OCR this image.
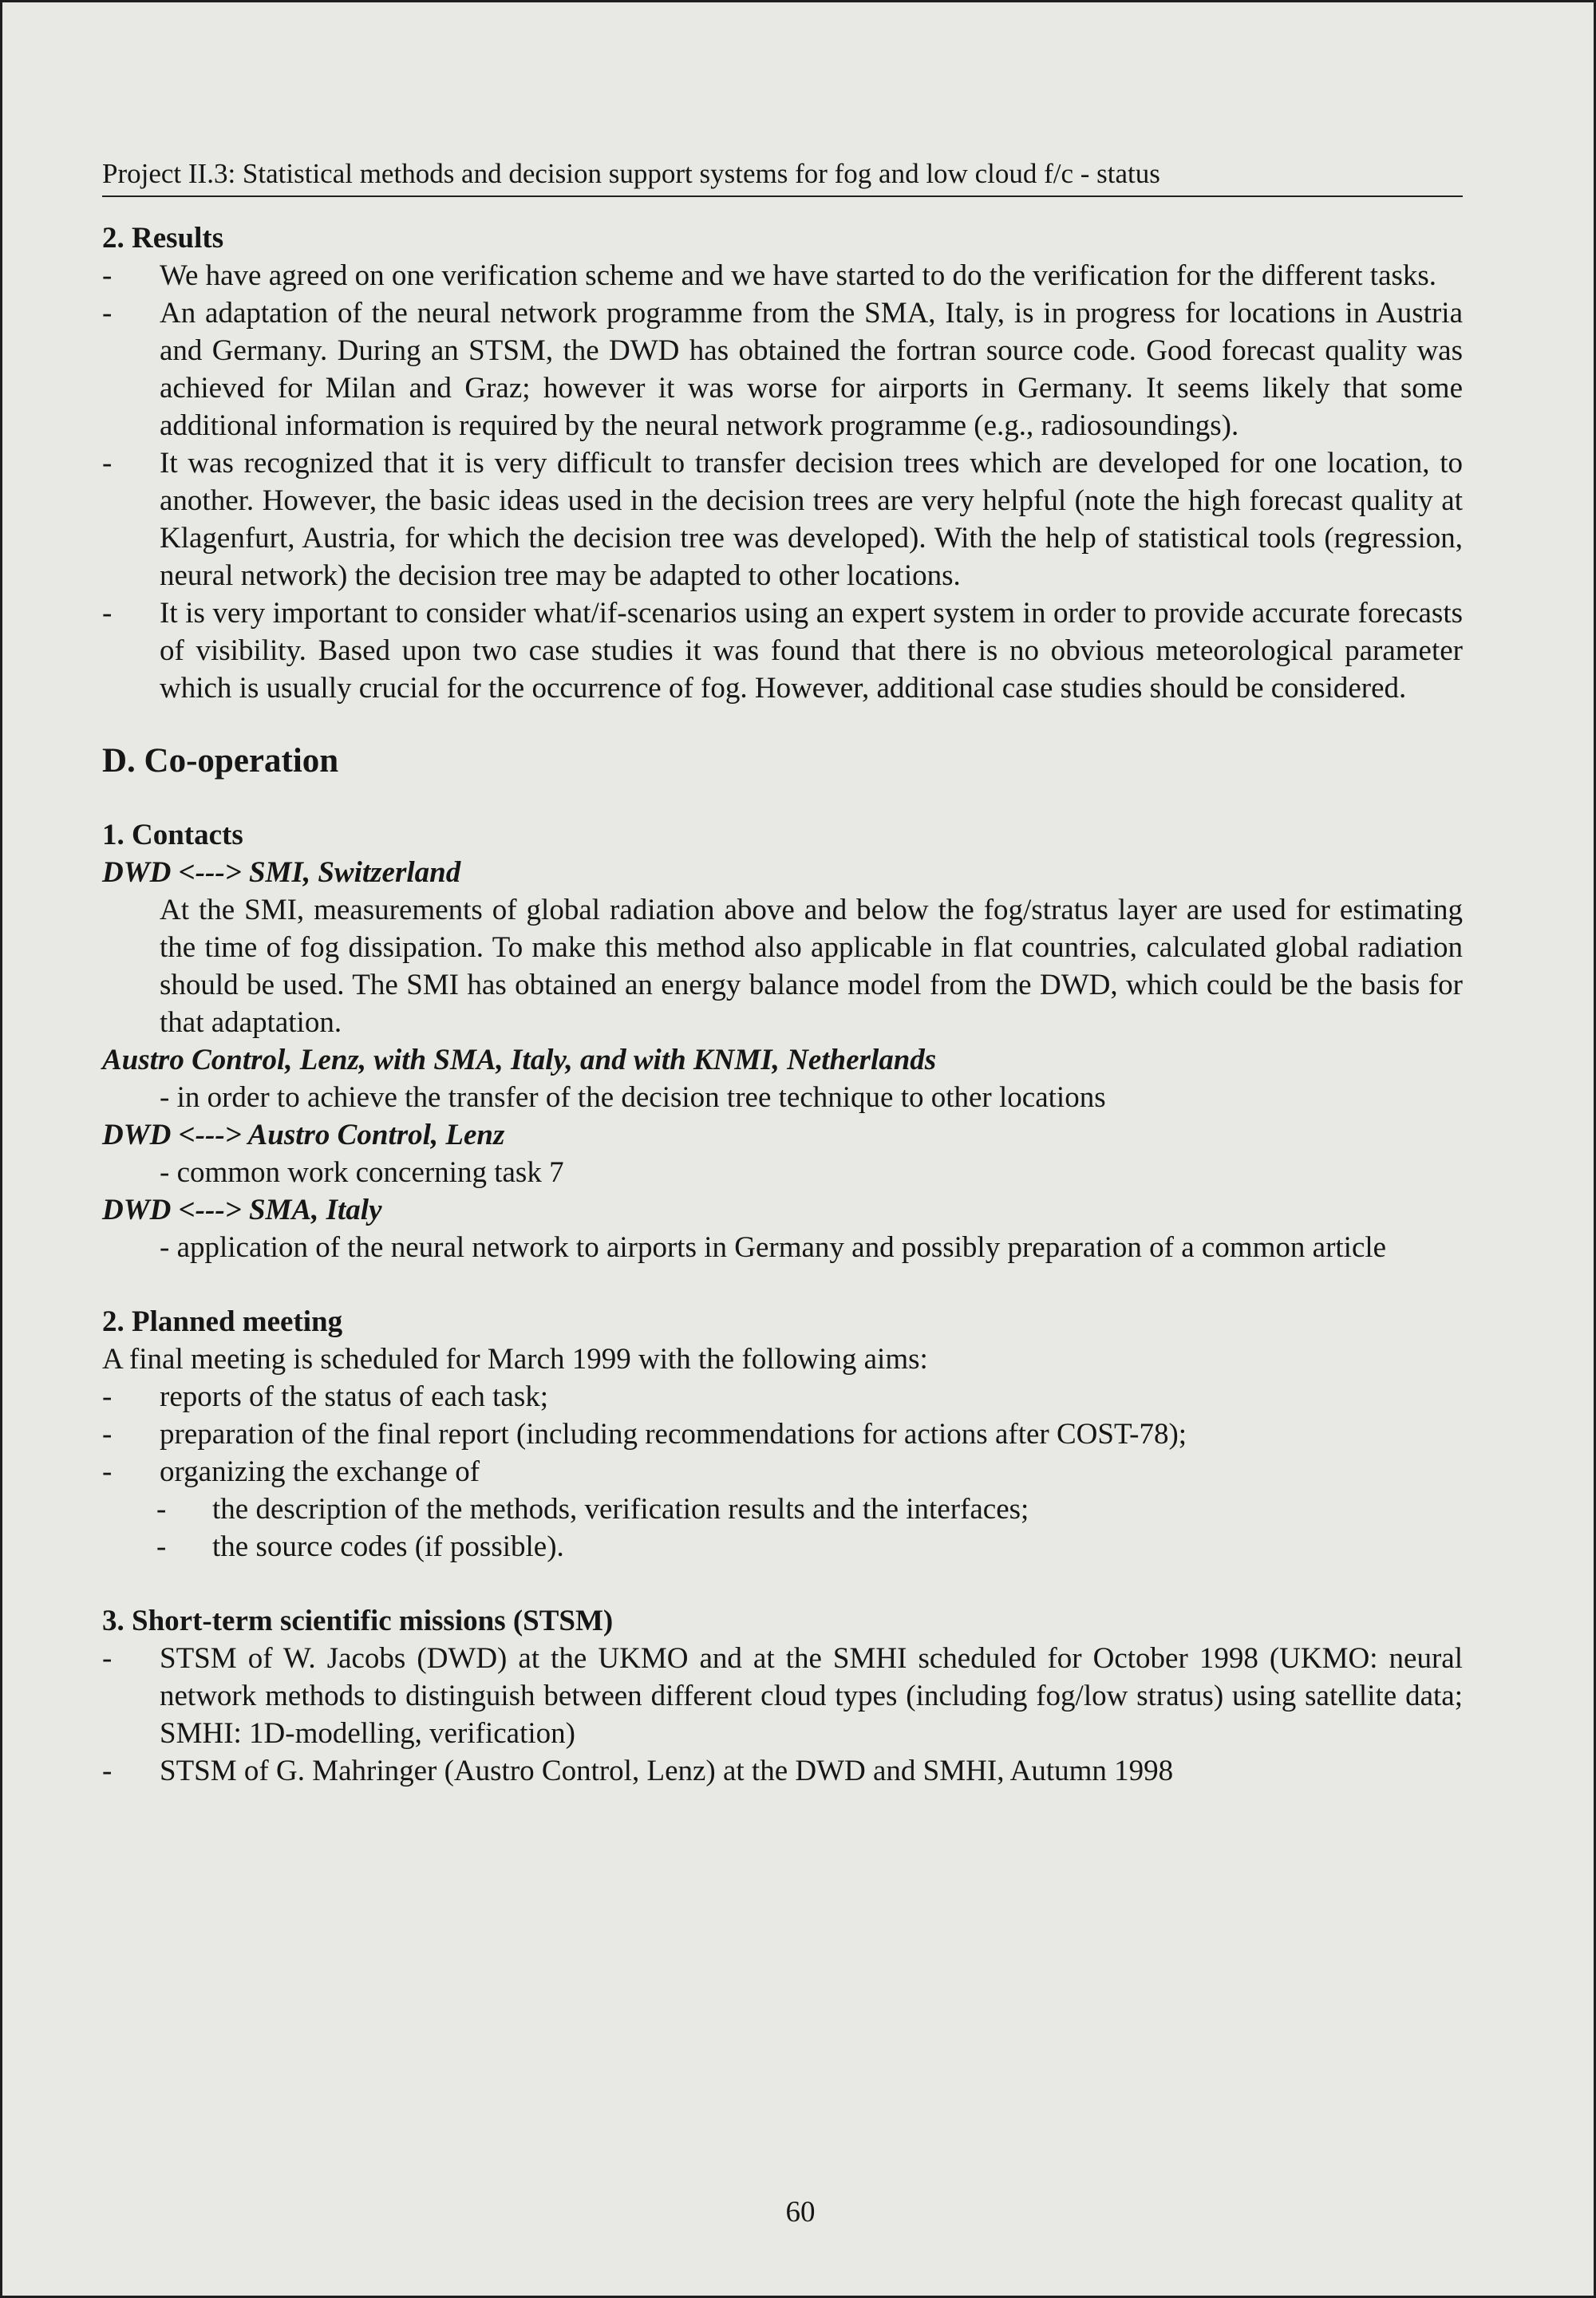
Project II.3: Statistical methods and decision support systems for fog and low cloud f/c - status
2. Results
-	We have agreed on one verification scheme and we have started to do the verification for the different tasks.
-	An adaptation of the neural network programme from the SMA, Italy, is in progress for locations in Austria and Germany. During an STSM, the DWD has obtained the fortran source code. Good forecast quality was achieved for Milan and Graz; however it was worse for airports in Germany. It seems likely that some additional information is required by the neural network programme (e.g., radiosoundings).
-	It was recognized that it is very difficult to transfer decision trees which are developed for one location, to another. However, the basic ideas used in the decision trees are very helpful (note the high forecast quality at Klagenfurt, Austria, for which the decision tree was developed). With the help of statistical tools (regression, neural network) the decision tree may be adapted to other locations.
-	It is very important to consider what/if-scenarios using an expert system in order to provide accurate forecasts of visibility. Based upon two case studies it was found that there is no obvious meteorological parameter which is usually crucial for the occurrence of fog. However, additional case studies should be considered.
D. Co-operation
1. Contacts
DWD <---> SMI, Switzerland
At the SMI, measurements of global radiation above and below the fog/stratus layer are used for estimating the time of fog dissipation. To make this method also applicable in flat countries, calculated global radiation should be used. The SMI has obtained an energy balance model from the DWD, which could be the basis for that adaptation.
Austro Control, Lenz, with SMA, Italy, and with KNMI, Netherlands
- in order to achieve the transfer of the decision tree technique to other locations
DWD <---> Austro Control, Lenz
- common work concerning task 7
DWD <---> SMA, Italy
- application of the neural network to airports in Germany and possibly preparation of a common article
2. Planned meeting
A final meeting is scheduled for March 1999 with the following aims:
-	reports of the status of each task;
-	preparation of the final report (including recommendations for actions after COST-78);
-	organizing the exchange of
-	the description of the methods, verification results and the interfaces;
-	the source codes (if possible).
3. Short-term scientific missions (STSM)
-	STSM of W. Jacobs (DWD) at the UKMO and at the SMHI scheduled for October 1998 (UKMO: neural network methods to distinguish between different cloud types (including fog/low stratus) using satellite data; SMHI: 1D-modelling, verification)
-	STSM of G. Mahringer (Austro Control, Lenz) at the DWD and SMHI, Autumn 1998
60
